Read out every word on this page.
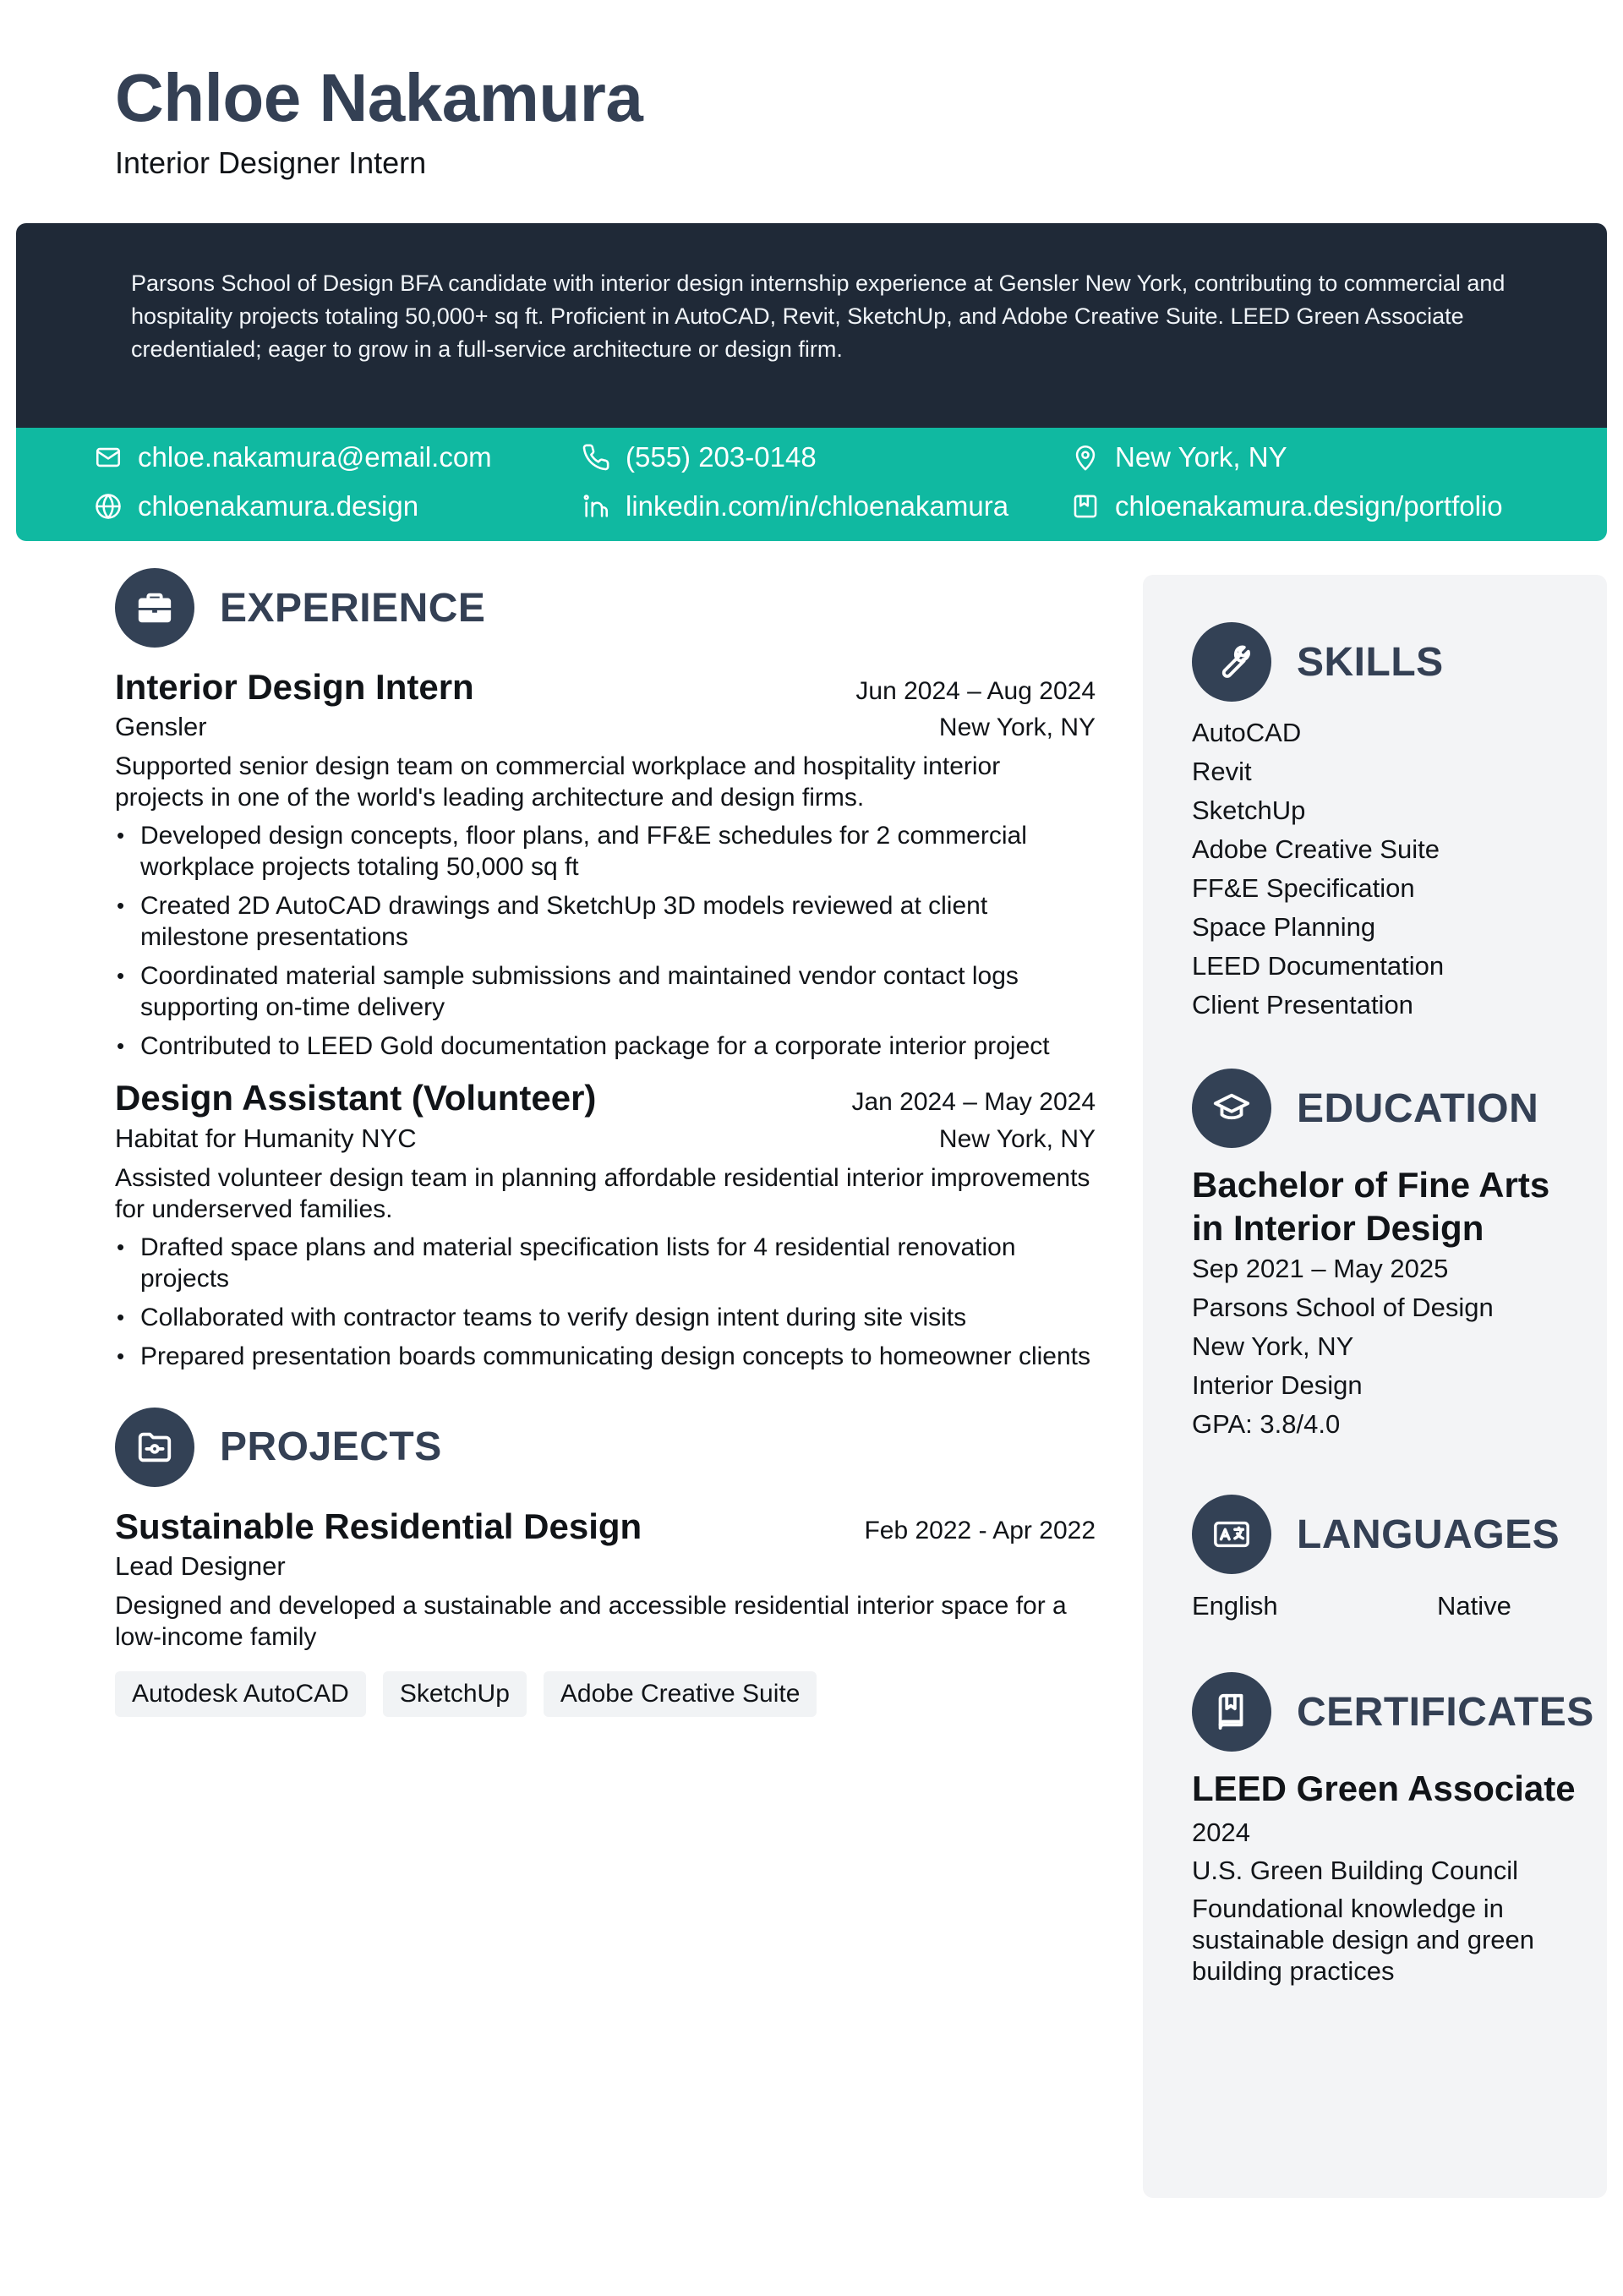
Chloe Nakamura
Interior Designer Intern
Parsons School of Design BFA candidate with interior design internship experience at Gensler New York, contributing to commercial and hospitality projects totaling 50,000+ sq ft. Proficient in AutoCAD, Revit, SketchUp, and Adobe Creative Suite. LEED Green Associate credentialed; eager to grow in a full-service architecture or design firm.
chloe.nakamura@email.com	(555) 203-0148	New York, NY
chloenakamura.design	linkedin.com/in/chloenakamura	chloenakamura.design/portfolio
EXPERIENCE
Interior Design Intern	Jun 2024 – Aug 2024
Gensler	New York, NY
Supported senior design team on commercial workplace and hospitality interior projects in one of the world's leading architecture and design firms.
• Developed design concepts, floor plans, and FF&E schedules for 2 commercial workplace projects totaling 50,000 sq ft
• Created 2D AutoCAD drawings and SketchUp 3D models reviewed at client milestone presentations
• Coordinated material sample submissions and maintained vendor contact logs supporting on-time delivery
• Contributed to LEED Gold documentation package for a corporate interior project
Design Assistant (Volunteer)	Jan 2024 – May 2024
Habitat for Humanity NYC	New York, NY
Assisted volunteer design team in planning affordable residential interior improvements for underserved families.
• Drafted space plans and material specification lists for 4 residential renovation projects
• Collaborated with contractor teams to verify design intent during site visits
• Prepared presentation boards communicating design concepts to homeowner clients
PROJECTS
Sustainable Residential Design	Feb 2022 - Apr 2022
Lead Designer
Designed and developed a sustainable and accessible residential interior space for a low-income family
Autodesk AutoCAD	SketchUp	Adobe Creative Suite
SKILLS
AutoCAD
Revit
SketchUp
Adobe Creative Suite
FF&E Specification
Space Planning
LEED Documentation
Client Presentation
EDUCATION
Bachelor of Fine Arts in Interior Design
Sep 2021 – May 2025
Parsons School of Design
New York, NY
Interior Design
GPA: 3.8/4.0
LANGUAGES
English	Native
CERTIFICATES
LEED Green Associate
2024
U.S. Green Building Council
Foundational knowledge in sustainable design and green building practices
